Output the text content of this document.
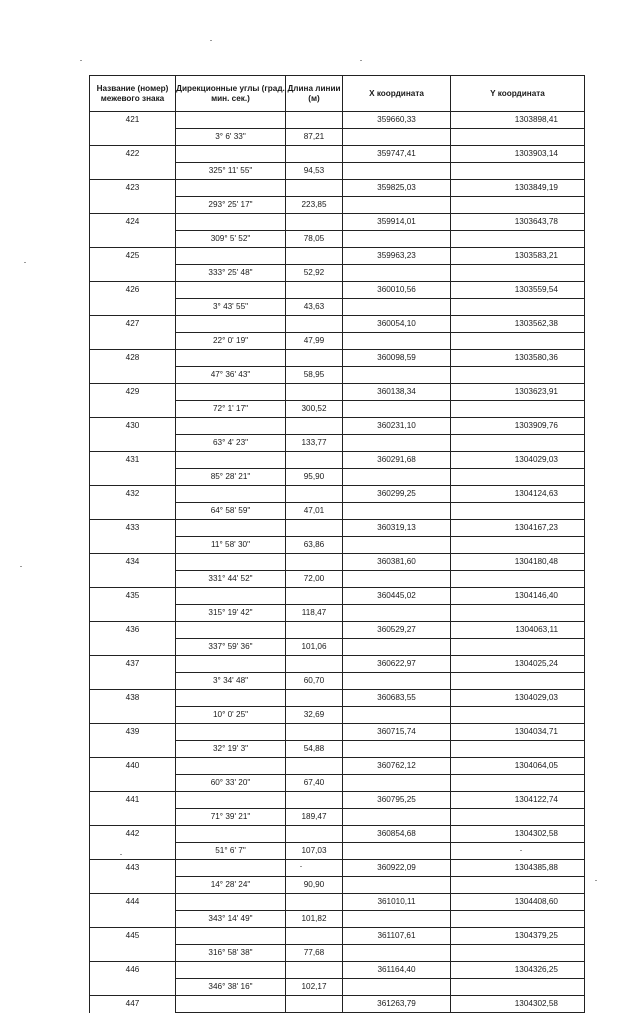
Название (номер) межевого знака	Дирекционные углы (град. мин. сек.)	Длина линии (м)	X координата	Y координата
421			359660,33	1303898,41
	3° 6' 33"	87,21		
422			359747,41	1303903,14
	325° 11' 55"	94,53		
423			359825,03	1303849,19
	293° 25' 17"	223,85		
424			359914,01	1303643,78
	309° 5' 52"	78,05		
425			359963,23	1303583,21
	333° 25' 48"	52,92		
426			360010,56	1303559,54
	3° 43' 55"	43,63		
427			360054,10	1303562,38
	22° 0' 19"	47,99		
428			360098,59	1303580,36
	47° 36' 43"	58,95		
429			360138,34	1303623,91
	72° 1' 17"	300,52		
430			360231,10	1303909,76
	63° 4' 23"	133,77		
431			360291,68	1304029,03
	85° 28' 21"	95,90		
432			360299,25	1304124,63
	64° 58' 59"	47,01		
433			360319,13	1304167,23
	11° 58' 30"	63,86		
434			360381,60	1304180,48
	331° 44' 52"	72,00		
435			360445,02	1304146,40
	315° 19' 42"	118,47		
436			360529,27	1304063,11
	337° 59' 36"	101,06		
437			360622,97	1304025,24
	3° 34' 48"	60,70		
438			360683,55	1304029,03
	10° 0' 25"	32,69		
439			360715,74	1304034,71
	32° 19' 3"	54,88		
440			360762,12	1304064,05
	60° 33' 20"	67,40		
441			360795,25	1304122,74
	71° 39' 21"	189,47		
442			360854,68	1304302,58
	51° 6' 7"	107,03		
443			360922,09	1304385,88
	14° 28' 24"	90,90		
444			361010,11	1304408,60
	343° 14' 49"	101,82		
445			361107,61	1304379,25
	316° 58' 38"	77,68		
446			361164,40	1304326,25
	346° 38' 16"	102,17		
447			361263,79	1304302,58
